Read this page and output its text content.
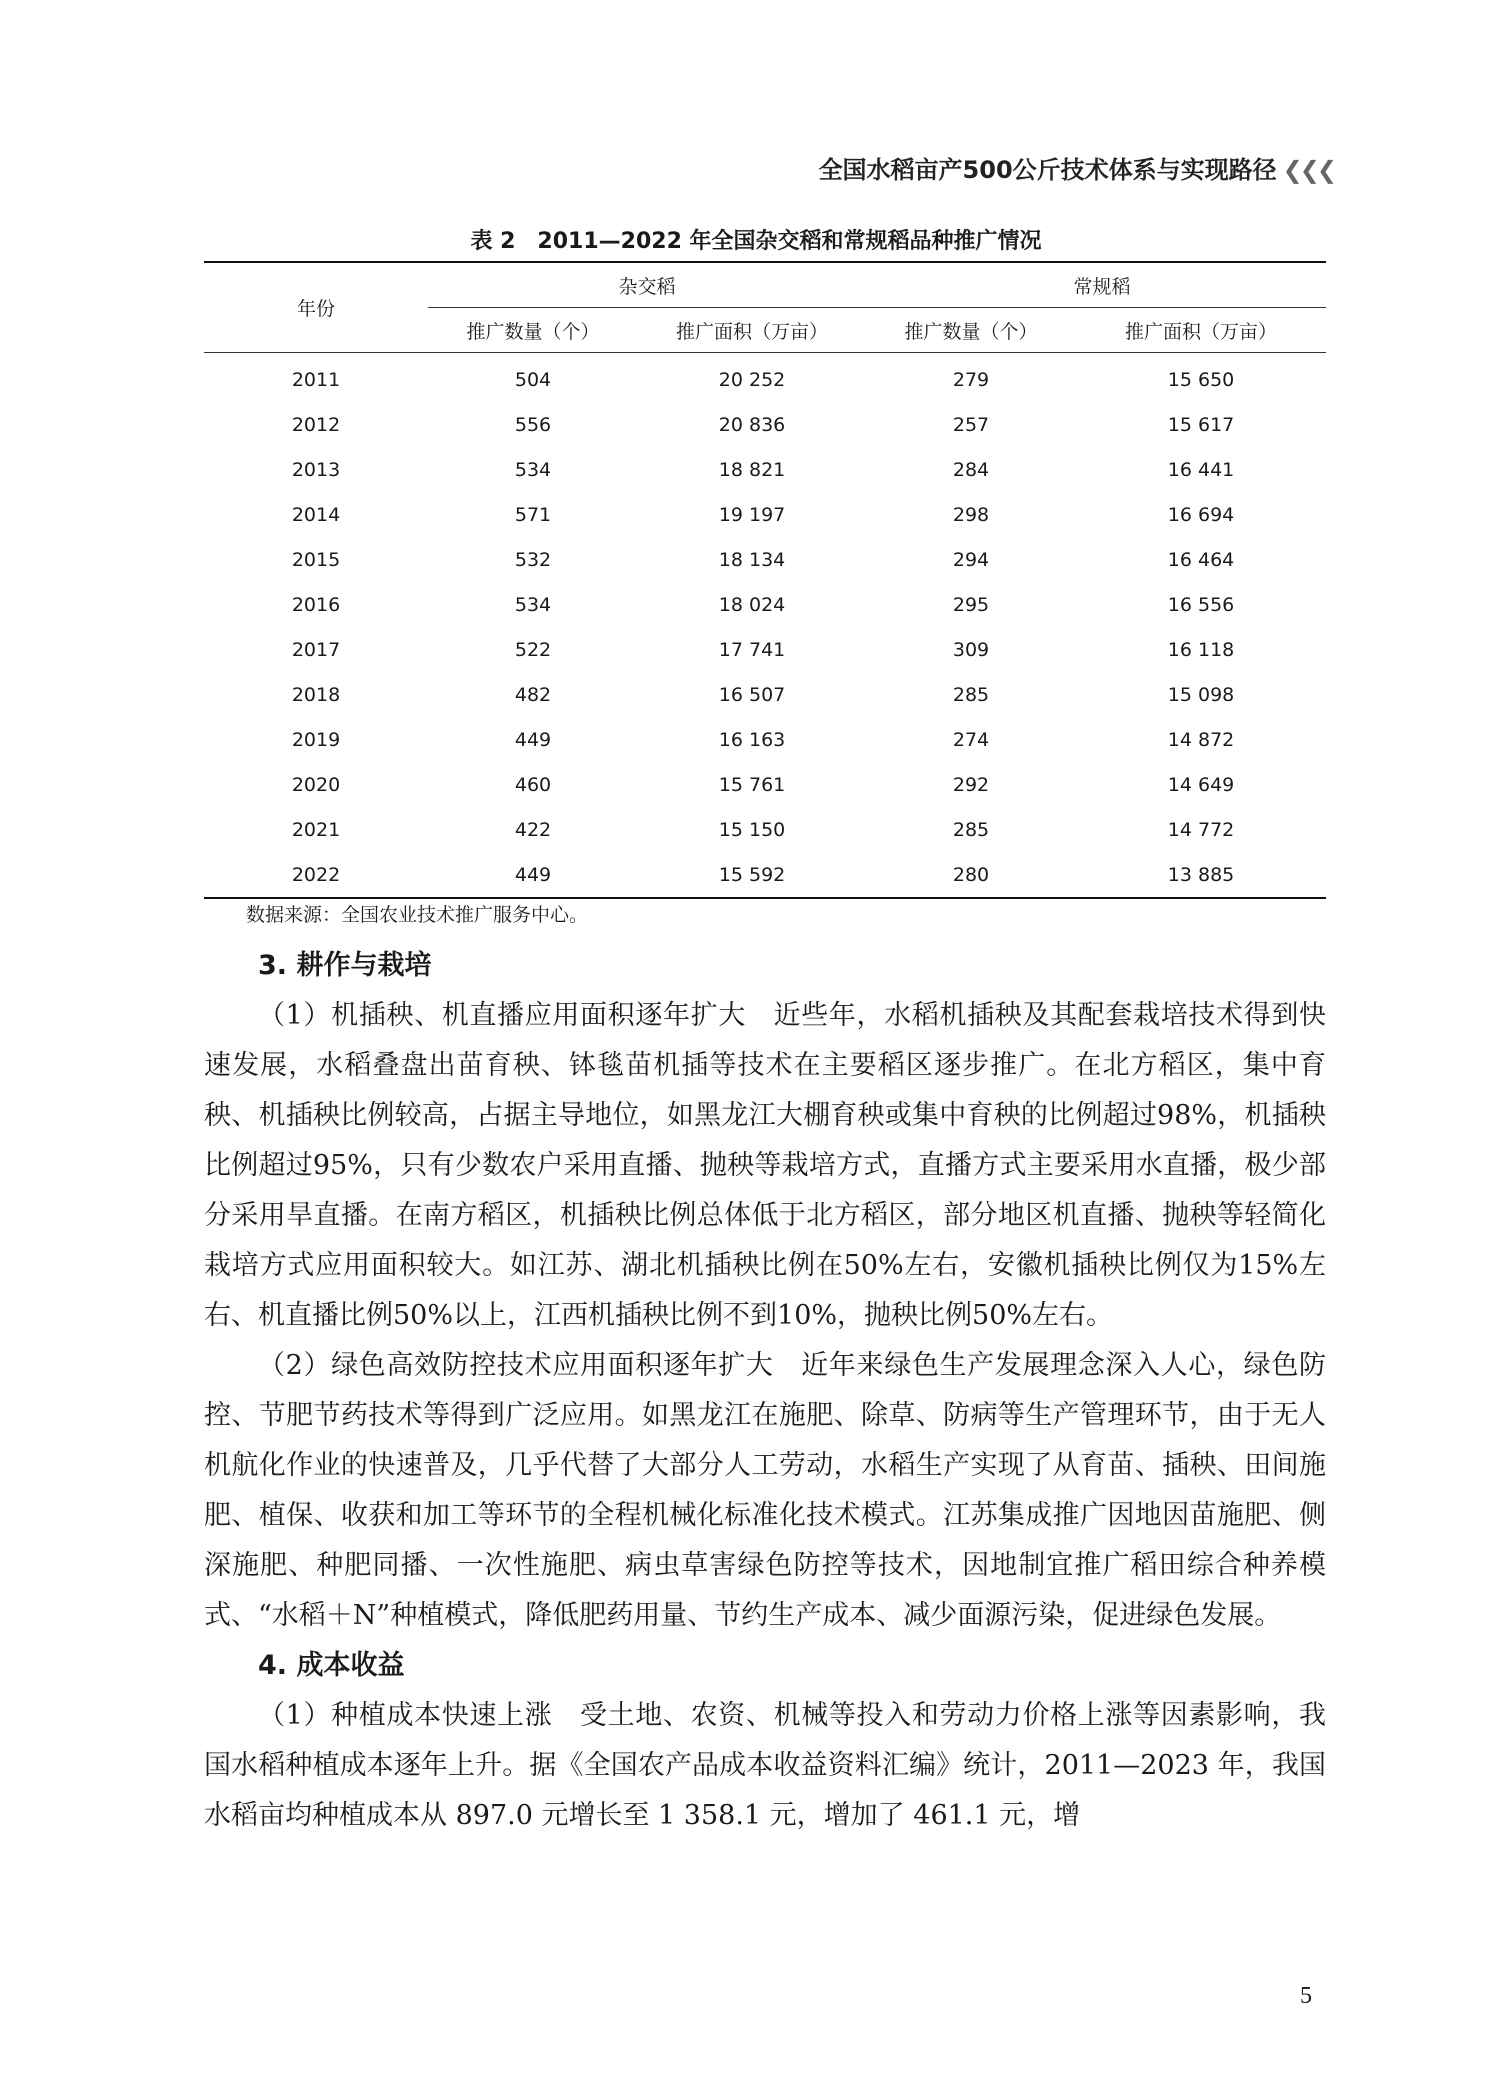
全国水稻亩产500公斤技术体系与实现路径 ❮❮❮
表 2　2011—2022 年全国杂交稻和常规稻品种推广情况
年份	杂交稻		常规稻	
	推广数量（个）	推广面积（万亩）	推广数量（个）	推广面积（万亩）
2011	504	20 252	279	15 650
2012	556	20 836	257	15 617
2013	534	18 821	284	16 441
2014	571	19 197	298	16 694
2015	532	18 134	294	16 464
2016	534	18 024	295	16 556
2017	522	17 741	309	16 118
2018	482	16 507	285	15 098
2019	449	16 163	274	14 872
2020	460	15 761	292	14 649
2021	422	15 150	285	14 772
2022	449	15 592	280	13 885
数据来源：全国农业技术推广服务中心。

3. 耕作与栽培

（1）机插秧、机直播应用面积逐年扩大　近些年，水稻机插秧及其配套栽培技术得到快速发展，水稻叠盘出苗育秧、钵毯苗机插等技术在主要稻区逐步推广。在北方稻区，集中育秧、机插秧比例较高，占据主导地位，如黑龙江大棚育秧或集中育秧的比例超过98%，机插秧比例超过95%，只有少数农户采用直播、抛秧等栽培方式，直播方式主要采用水直播，极少部分采用旱直播。在南方稻区，机插秧比例总体低于北方稻区，部分地区机直播、抛秧等轻简化栽培方式应用面积较大。如江苏、湖北机插秧比例在50%左右，安徽机插秧比例仅为15%左右、机直播比例50%以上，江西机插秧比例不到10%，抛秧比例50%左右。

（2）绿色高效防控技术应用面积逐年扩大　近年来绿色生产发展理念深入人心，绿色防控、节肥节药技术等得到广泛应用。如黑龙江在施肥、除草、防病等生产管理环节，由于无人机航化作业的快速普及，几乎代替了大部分人工劳动，水稻生产实现了从育苗、插秧、田间施肥、植保、收获和加工等环节的全程机械化标准化技术模式。江苏集成推广因地因苗施肥、侧深施肥、种肥同播、一次性施肥、病虫草害绿色防控等技术，因地制宜推广稻田综合种养模式、“水稻＋N”种植模式，降低肥药用量、节约生产成本、减少面源污染，促进绿色发展。

4. 成本收益

（1）种植成本快速上涨　受土地、农资、机械等投入和劳动力价格上涨等因素影响，我国水稻种植成本逐年上升。据《全国农产品成本收益资料汇编》统计，2011—2023 年，我国水稻亩均种植成本从 897.0 元增长至 1 358.1 元，增加了 461.1 元，增

5
